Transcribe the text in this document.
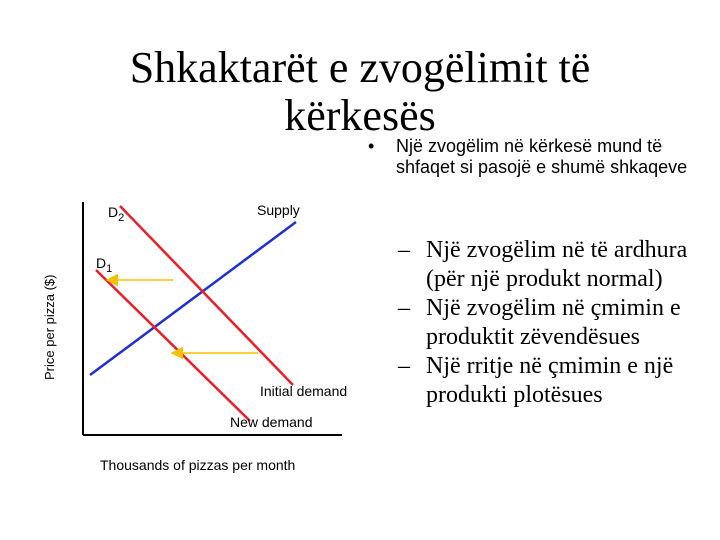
Shkaktarët e zvogëlimit të kërkesës
•	Një zvogëlim në kërkesë mund të shfaqet si pasojë e shumë shkaqeve

– Një zvogëlim në të ardhura (për një produkt normal)

– Një zvogëlim në çmimin e produktit zëvendësues

– Një rritje në çmimin e një produkti plotësues

Price per pizza ($)
Thousands of pizzas per month
$D_2$
$D_1$
Supply
Initial demand
New demand
